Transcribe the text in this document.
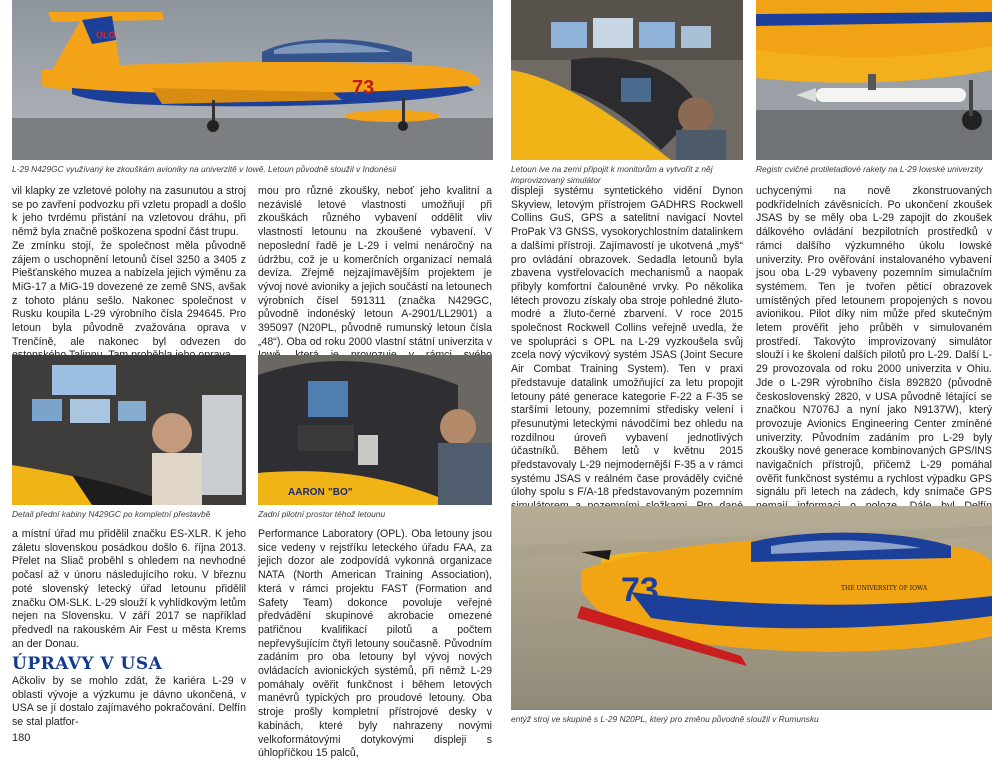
73
OLO
L-29 N429GC využívaný ke zkouškám avioniky na univerzitě v Iowě. Letoun původně sloužil v Indonésii	Letoun ive na zemi připojit k monitorům a vytvořit z něj improvizovaný simulátor
Registr cvičné protiletadlové rakety na L-29 Iowské univerzity

vil klapky ze vzletové polohy na zasunutou a stroj se po zavření podvozku při vzletu propadl a došlo k jeho tvrdému přistání na vzletovou dráhu, při němž byla značně poškozena spodní část trupu.

Ze zmínku stojí, že společnost měla původně zájem o uschopnění letounů čísel 3250 a 3405 z Piešťanského muzea a nabízela jejich výměnu za MiG-17 a MiG-19 dovezené ze země SNS, avšak z tohoto plánu sešlo. Nakonec společnost v Rusku koupila L-29 výrobního čísla 294645. Pro letoun byla původně zvažována oprava v Trenčíně, ale nakonec byl odvezen do

mou pro různé zkoušky, neboť jeho kvalitní a nezávislé letové vlastnosti umožňují při zkouškách různého vybavení oddělit vliv vlastností letounu na zkoušené vybavení. V neposlední řadě je L-29 i velmi nenáročný na údržbu, což je u komerčních organizací nemalá devíza. Zřejmě nejzajímavějším projektem je vývoj nové avioniky a jejich součástí na letounech výrobních čísel 591311 (značka N429GC, původně indonéský letoun A-2901/LL2901) a 395097 (N20PL, původně rumunský letoun čísla „48“). Oba od roku 2000 vlastní státní univerzita v

Detail přední kabiny N429GC po kompletní přestavbě
AARON "BO"
Zadní pilotní prostor téhož letounu

a místní úřad mu přidělil značku ES-XLR. K jeho záletu slovenskou posádkou došlo 6. října 2013. Přelet na Sliač proběhl s ohledem na nevhodné počasí až v únoru následujícího roku. V březnu poté slovenský letecký úřad letounu přidělil značku OM-SLK. L-29 slouží k vyhlídkovým letům nejen na Slovensku. V září 2017 se například předvedl na rakouském Air Fest u města Krems an der Donau.

ÚPRAVY V USA

Ačkoliv by se mohlo zdát, že kariéra L-29 v oblasti vývoje a výzkumu je dávno ukončená, v USA se jí dostalo zajímavého pokračování. Delfín se stal platfor-

Performance Laboratory (OPL). Oba letouny jsou sice vedeny v rejstříku leteckého úřadu FAA, za jejich dozor ale zodpovídá vykonná organizace NATA (North American Training Association), která v rámci projektu FAST (Formation and Safety Team) dokonce povoluje veřejné předvádění skupinové akrobacie omezené patřičnou kvalifikací pilotů a počtem nepřevyšujícím čtyři letouny současně. Původním zadáním pro oba letouny byl vývoj nových ovládacích avionických systémů, při němž L-29 pomáhaly ověřit funkčnost i během letových manévrů typických pro proudové letouny. Oba stroje prošly kompletní přístrojové desky v kabinách, které byly nahrazeny novými velkoformátovými dotykovými displeji s úhlopříčkou 15 palců,

displeji systému syntetického vidění Dynon Skyview, letovým přístrojem GADHRS Rockwell Collins GuS, GPS a satelitní navigací Novtel ProPak V3 GNSS, vysokorychlostním datalinkem a dalšími přístroji. Zajímavostí je ukotvená „myš“ pro ovládání obrazovek. Sedadla letounů byla zbavena vystřelovacích mechanismů a naopak přibyly komfortní čalouněné vrvky. Po několika létech provozu získaly oba stroje pohledné žluto-modré a žluto-černé zbarvení. V roce 2015 společnost Rockwell Collins veřejně uvedla, že ve spolupráci s OPL na L-29 vyzkoušela svůj zcela nový výcvikový systém JSAS (Joint Secure Air Combat Training System). Ten v praxi představuje datalink umožňující za letu propojit letouny páté generace kategorie F-22 a F-35 se staršími letouny, pozemními středisky velení i přesunutými leteckými návodčími bez ohledu na rozdílnou úroveň vybavení jednotlivých účastníků. Během letů v květnu 2015 představovaly L-29 nejmodernější F-35 a v rámci systému JSAS v reálném čase prováděly cvičné úlohy spolu s F/A-18 představovaným pozemním

uchycenými na nově zkonstruovaných podkřídelních závěsnicích. Po ukončení zkoušek JSAS by se měly oba L-29 zapojit do zkoušek dálkového ovládání bezpilotních prostředků v rámci dalšího výzkumného úkolu Iowské univerzity. Pro ověřování instalovaného vybavení jsou oba L-29 vybaveny pozemním simulačním systémem. Ten je tvořen pěticí obrazovek umístěných před letounem propojených s novou avionikou. Pilot díky nim může před skutečným letem prověřit jeho průběh v simulovaném prostředí. Takovýto improvizovaný simulátor slouží i ke školení dalších pilotů pro L-29. Další L-29 provozovala od roku 2000 univerzita v Ohiu. Jde o L-29R výrobního čísla 892820 (původně československý 2820, v USA původně létající se značkou N7076J a nyní jako N9137W), který provozuje Avionics Engineering Center zmíněné univerzity. Původním zadáním pro L-29 byly zkoušky nové generace kombinovaných GPS/INS navigačních přístrojů, přičemž L-29 pomáhal ověřit funkčnost systému a rychlost výpadku GPS signálu při letech na zádech, kdy snímače GPS

73	THE UNIVERSITY OF IOWA
entýž stroj ve skupině s L-29 N20PL, který pro změnu původně sloužil v Rumunsku
180
